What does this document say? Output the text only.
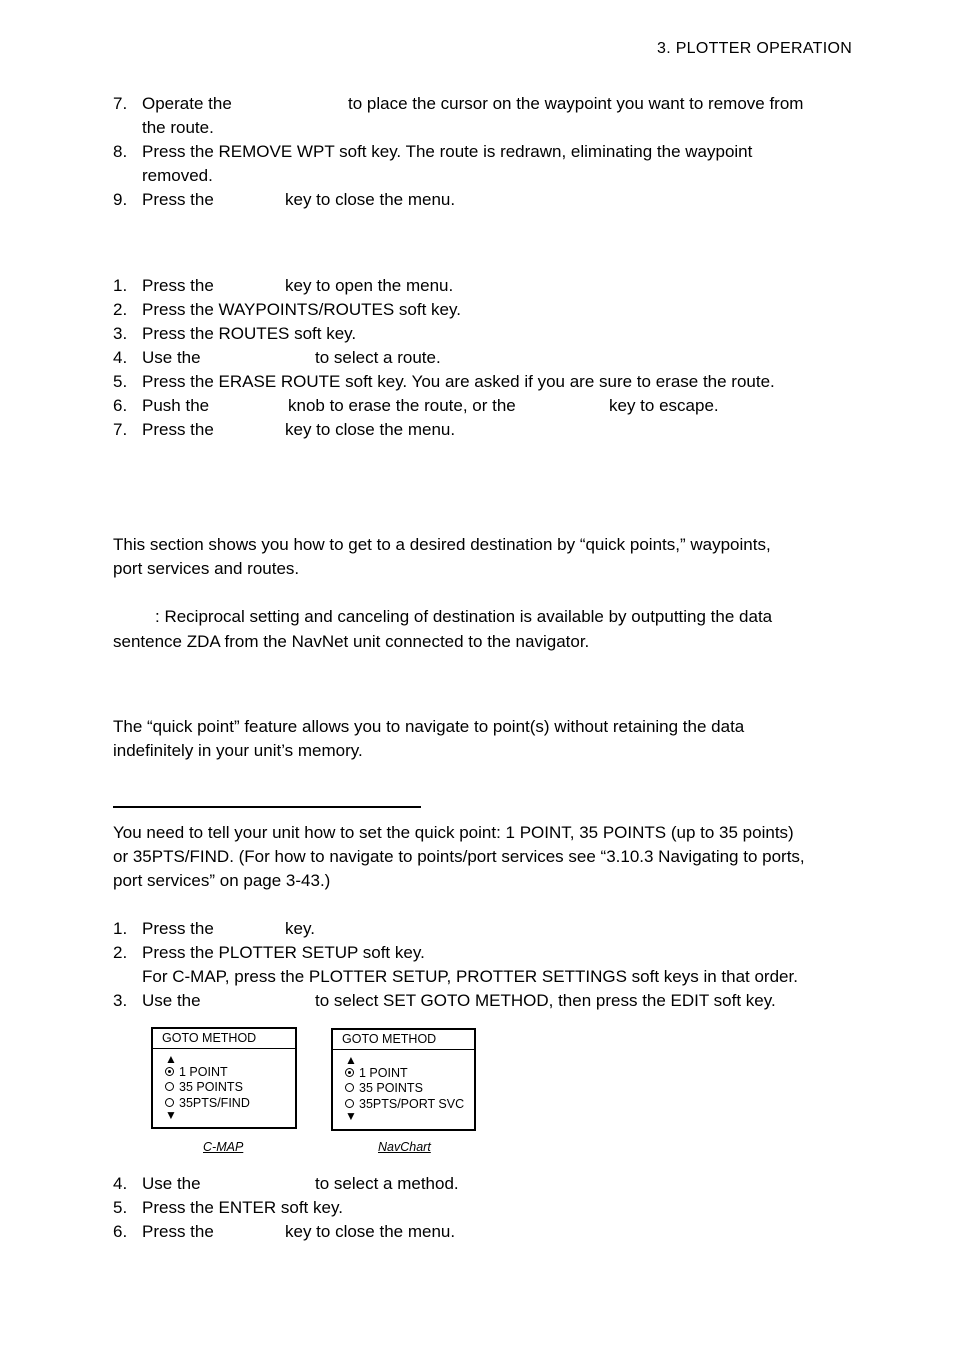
3. PLOTTER OPERATION
7. Operate the	to place the cursor on the waypoint you want to remove from
the route.
8. Press the REMOVE WPT soft key. The route is redrawn, eliminating the waypoint
removed.
9. Press the	key to close the menu.
1. Press the	key to open the menu.
2. Press the WAYPOINTS/ROUTES soft key.
3. Press the ROUTES soft key.
4. Use the	to select a route.
5. Press the ERASE ROUTE soft key. You are asked if you are sure to erase the route.
6. Push the	knob to erase the route, or the	key to escape.
7. Press the	key to close the menu.
This section shows you how to get to a desired destination by “quick points,” waypoints,
port services and routes.
: Reciprocal setting and canceling of destination is available by outputting the data
sentence ZDA from the NavNet unit connected to the navigator.
The “quick point” feature allows you to navigate to point(s) without retaining the data
indefinitely in your unit’s memory.
You need to tell your unit how to set the quick point: 1 POINT, 35 POINTS (up to 35 points)
or 35PTS/FIND. (For how to navigate to points/port services see “3.10.3 Navigating to ports,
port services” on page 3-43.)
1. Press the	key.
2. Press the PLOTTER SETUP soft key.
For C-MAP, press the PLOTTER SETUP, PROTTER SETTINGS soft keys in that order.
3. Use the	to select SET GOTO METHOD, then press the EDIT soft key.
GOTO METHOD
▲
1 POINT
35 POINTS
35PTS/FIND
▼
C-MAP
GOTO METHOD
▲
1 POINT
35 POINTS
35PTS/PORT SVC
▼
NavChart
4. Use the	to select a method.
5. Press the ENTER soft key.
6. Press the	key to close the menu.
